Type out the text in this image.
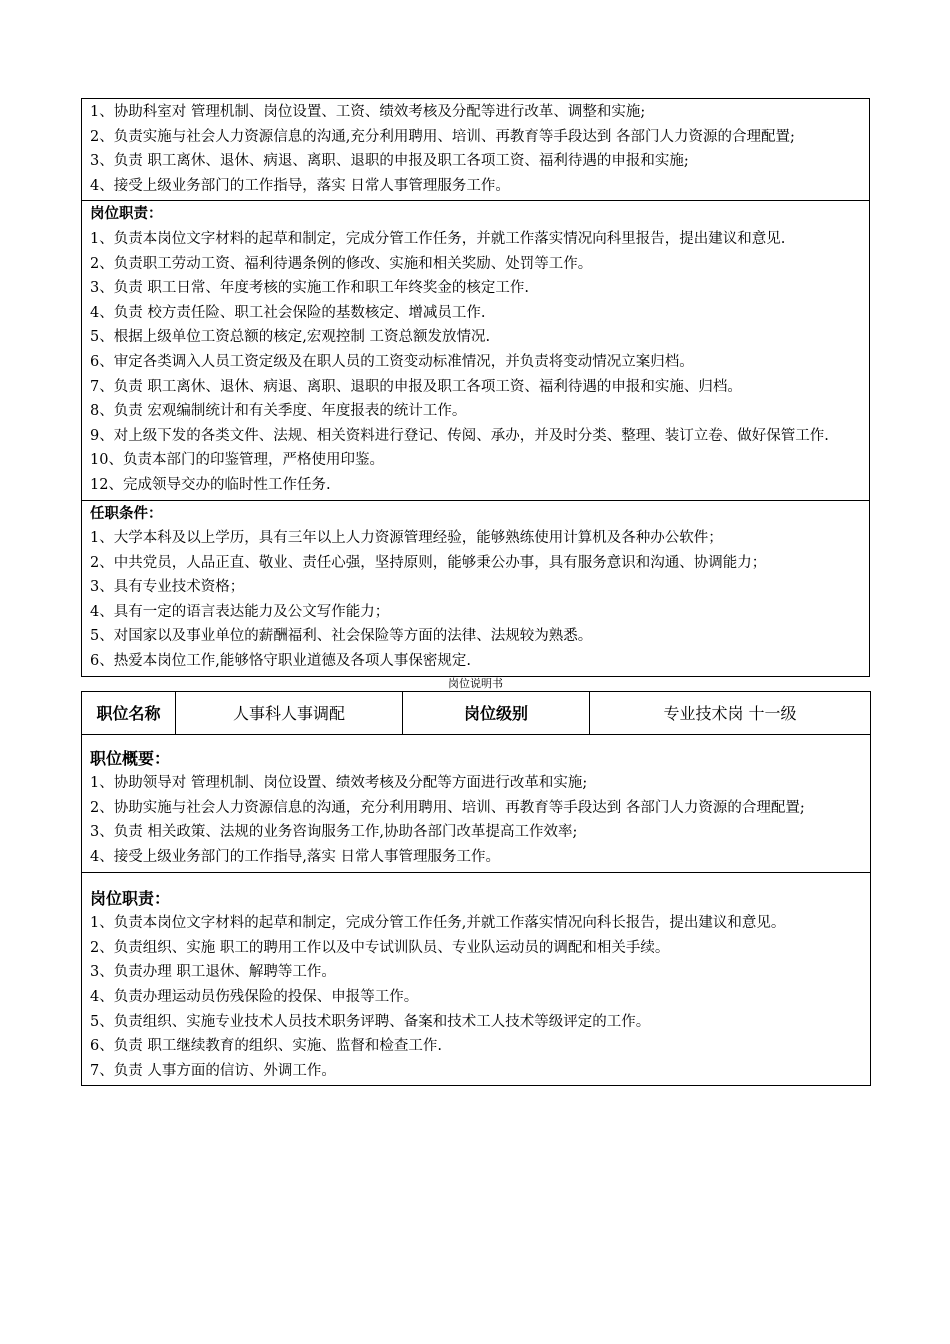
1、协助科室对 管理机制、岗位设置、工资、绩效考核及分配等进行改革、调整和实施;

2、负责实施与社会人力资源信息的沟通,充分利用聘用、培训、再教育等手段达到 各部门人力资源的合理配置;

3、负责 职工离休、退休、病退、离职、退职的申报及职工各项工资、福利待遇的申报和实施;

4、接受上级业务部门的工作指导，落实 日常人事管理服务工作。

岗位职责：

1、负责本岗位文字材料的起草和制定，完成分管工作任务，并就工作落实情况向科里报告，提出建议和意见.

2、负责职工劳动工资、福利待遇条例的修改、实施和相关奖励、处罚等工作。

3、负责 职工日常、年度考核的实施工作和职工年终奖金的核定工作.

4、负责 校方责任险、职工社会保险的基数核定、增减员工作.

5、根据上级单位工资总额的核定,宏观控制 工资总额发放情况.

6、审定各类调入人员工资定级及在职人员的工资变动标准情况，并负责将变动情况立案归档。

7、负责 职工离休、退休、病退、离职、退职的申报及职工各项工资、福利待遇的申报和实施、归档。

8、负责 宏观编制统计和有关季度、年度报表的统计工作。

9、对上级下发的各类文件、法规、相关资料进行登记、传阅、承办，并及时分类、整理、装订立卷、做好保管工作.

10、负责本部门的印鉴管理，严格使用印鉴。

12、完成领导交办的临时性工作任务.

任职条件：

1、大学本科及以上学历，具有三年以上人力资源管理经验，能够熟练使用计算机及各种办公软件；

2、中共党员，人品正直、敬业、责任心强，坚持原则，能够秉公办事，具有服务意识和沟通、协调能力；

3、具有专业技术资格；

4、具有一定的语言表达能力及公文写作能力；

5、对国家以及事业单位的薪酬福利、社会保险等方面的法律、法规较为熟悉。

6、热爱本岗位工作,能够恪守职业道德及各项人事保密规定.

岗位说明书

职位名称	人事科人事调配	岗位级别	专业技术岗 十一级

职位概要：

1、协助领导对 管理机制、岗位设置、绩效考核及分配等方面进行改革和实施;

2、协助实施与社会人力资源信息的沟通，充分利用聘用、培训、再教育等手段达到 各部门人力资源的合理配置;

3、负责 相关政策、法规的业务咨询服务工作,协助各部门改革提高工作效率;

4、接受上级业务部门的工作指导,落实 日常人事管理服务工作。

岗位职责：

1、负责本岗位文字材料的起草和制定，完成分管工作任务,并就工作落实情况向科长报告，提出建议和意见。

2、负责组织、实施 职工的聘用工作以及中专试训队员、专业队运动员的调配和相关手续。

3、负责办理 职工退休、解聘等工作。

4、负责办理运动员伤残保险的投保、申报等工作。

5、负责组织、实施专业技术人员技术职务评聘、备案和技术工人技术等级评定的工作。

6、负责 职工继续教育的组织、实施、监督和检查工作.

7、负责 人事方面的信访、外调工作。
